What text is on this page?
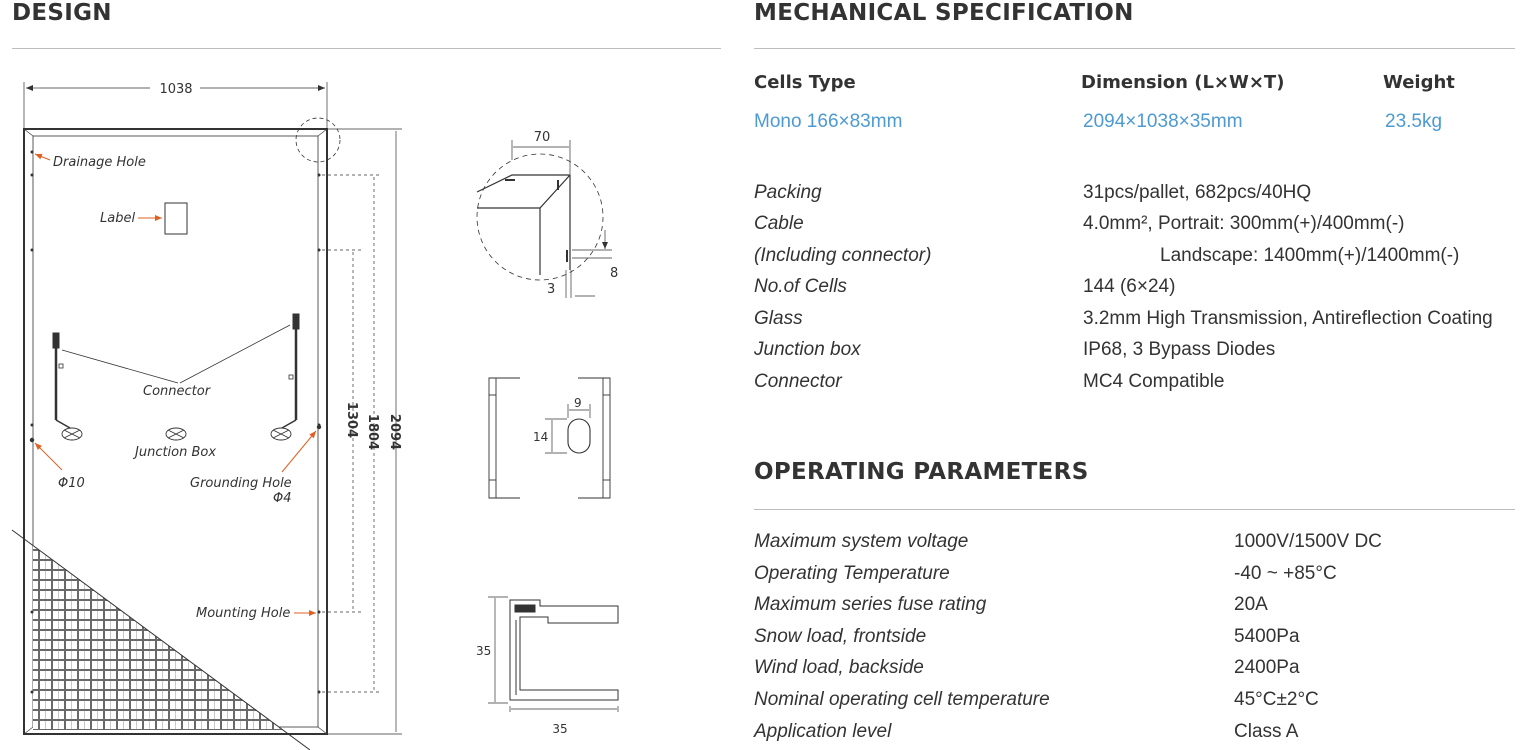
DESIGN
1038
Drainage Hole
Label
Connector
Junction Box
Φ10	Grounding Hole
Φ4
Mounting Hole
1304 1804 2094
70
8
3
9
14
35
35
MECHANICAL SPECIFICATION
Cells Type	Dimension (L×W×T)	Weight
Mono 166×83mm	2094×1038×35mm	23.5kg
Packing	31pcs/pallet, 682pcs/40HQ
Cable	4.0mm², Portrait: 300mm(+)/400mm(-)
(Including connector)	Landscape: 1400mm(+)/1400mm(-)
No.of Cells	144 (6×24)
Glass	3.2mm High Transmission, Antireflection Coating
Junction box	IP68, 3 Bypass Diodes
Connector	MC4 Compatible
OPERATING PARAMETERS
Maximum system voltage	1000V/1500V DC
Operating Temperature	-40 ~ +85°C
Maximum series fuse rating	20A
Snow load, frontside	5400Pa
Wind load, backside	2400Pa
Nominal operating cell temperature	45°C±2°C
Application level	Class A
